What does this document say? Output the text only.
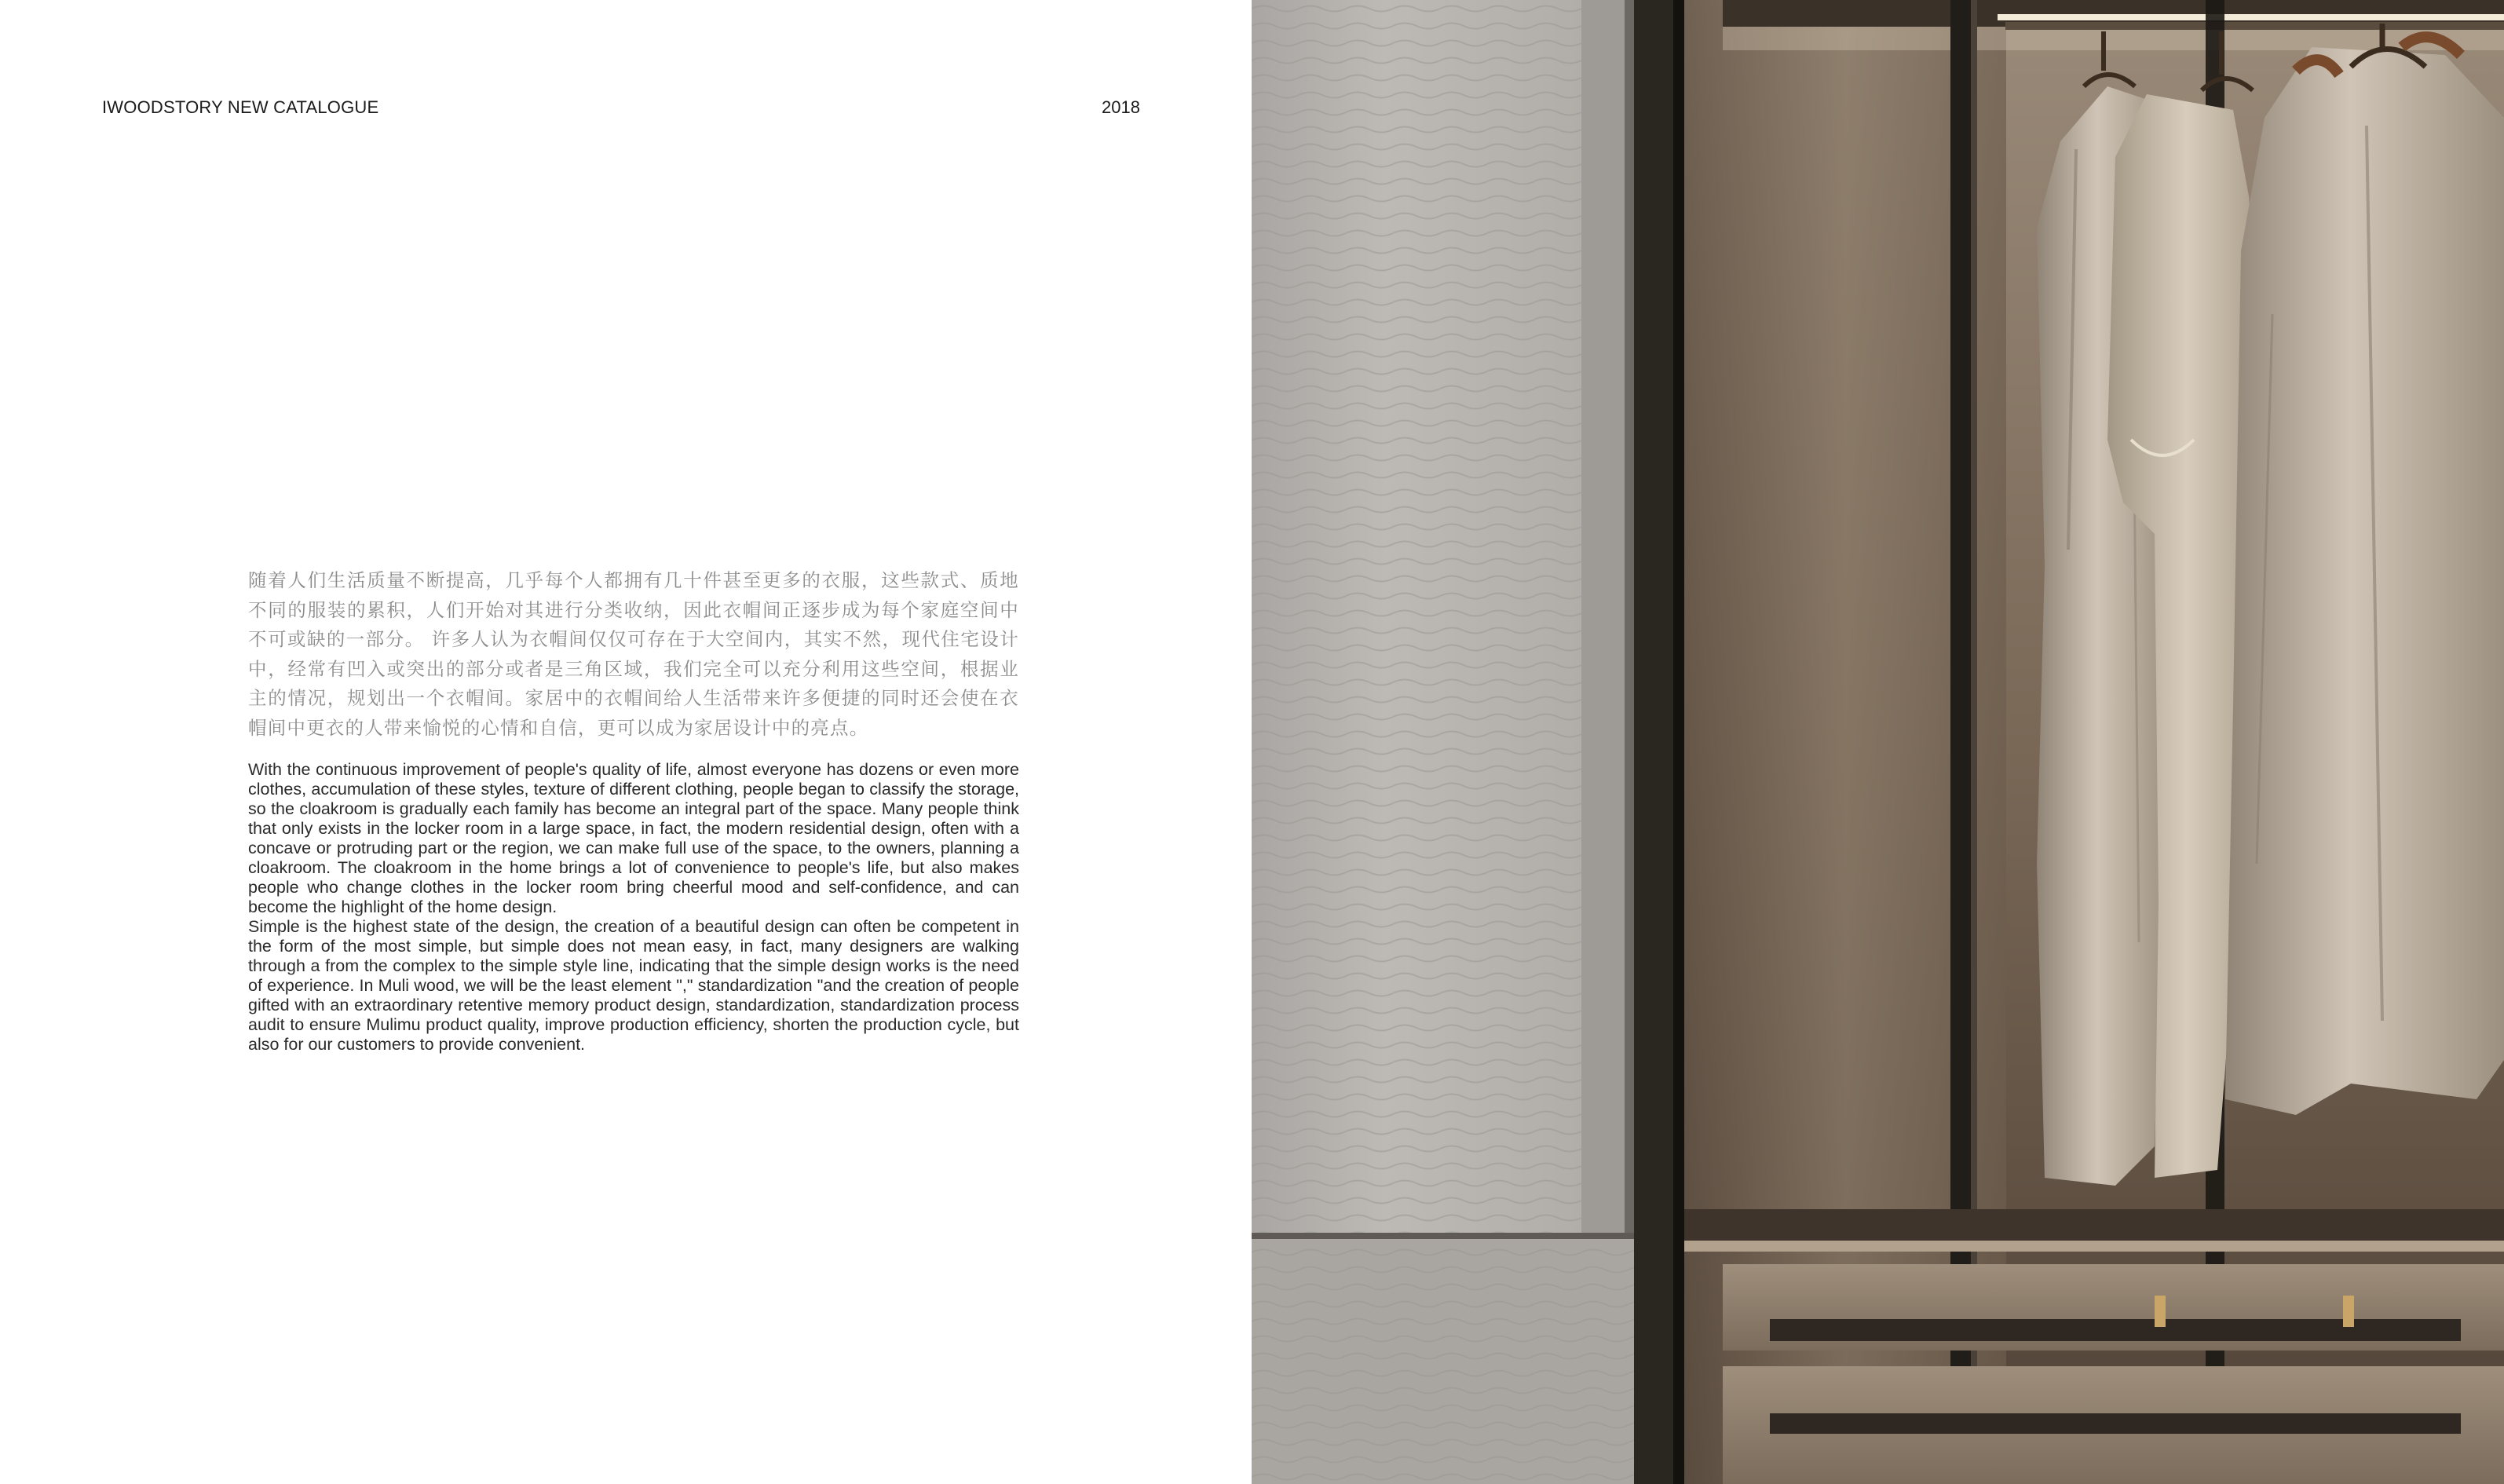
IWOODSTORY NEW CATALOGUE	2018

随着人们生活质量不断提高，几乎每个人都拥有几十件甚至更多的衣服，这些款式、质地不同的服装的累积，人们开始对其进行分类收纳，因此衣帽间正逐步成为每个家庭空间中不可或缺的一部分。 许多人认为衣帽间仅仅可存在于大空间内，其实不然，现代住宅设计中，经常有凹入或突出的部分或者是三角区域，我们完全可以充分利用这些空间，根据业主的情况，规划出一个衣帽间。家居中的衣帽间给人生活带来许多便捷的同时还会使在衣帽间中更衣的人带来愉悦的心情和自信，更可以成为家居设计中的亮点。

With the continuous improvement of people's quality of life, almost everyone has dozens or even more clothes, accumulation of these styles, texture of different clothing, people began to classify the storage, so the cloakroom is gradually each family has become an integral part of the space. Many people think that only exists in the locker room in a large space, in fact, the modern residential design, often with a concave or protruding part or the region, we can make full use of the space, to the owners, planning a cloakroom. The cloakroom in the home brings a lot of convenience to people's life, but also makes people who change clothes in the locker room bring cheerful mood and self-confidence, and can become the highlight of the home design.

Simple is the highest state of the design, the creation of a beautiful design can often be competent in the form of the most simple, but simple does not mean easy, in fact, many designers are walking through a from the complex to the simple style line, indicating that the simple design works is the need of experience. In Muli wood, we will be the least element "," standardization "and the creation of people gifted with an extraordinary retentive memory product design, standardization, standardization process audit to ensure Mulimu product quality, improve production efficiency, shorten the production cycle, but also for our customers to provide convenient.
